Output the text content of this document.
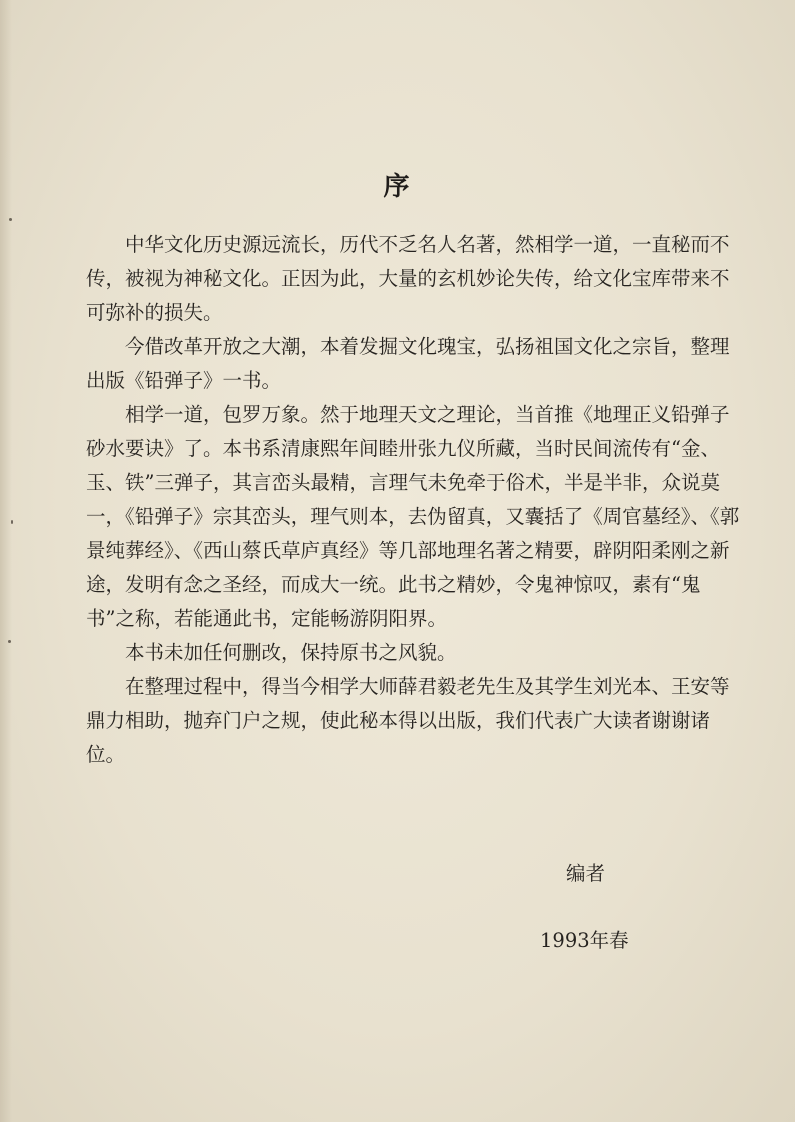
序

中华文化历史源远流长，历代不乏名人名著，然相学一道，一直秘而不传，被视为神秘文化。正因为此，大量的玄机妙论失传，给文化宝库带来不可弥补的损失。

今借改革开放之大潮，本着发掘文化瑰宝，弘扬祖国文化之宗旨，整理出版《铅弹子》一书。

相学一道，包罗万象。然于地理天文之理论，当首推《地理正义铅弹子砂水要诀》了。本书系清康熙年间睦卅张九仪所藏，当时民间流传有“金、玉、铁”三弹子，其言峦头最精，言理气未免牵于俗术，半是半非，众说莫一，《铅弹子》宗其峦头，理气则本，去伪留真，又囊括了《周官墓经》、《郭景纯葬经》、《西山蔡氏草庐真经》等几部地理名著之精要，辟阴阳柔刚之新途，发明有念之圣经，而成大一统。此书之精妙，令鬼神惊叹，素有“鬼书”之称，若能通此书，定能畅游阴阳界。

本书未加任何删改，保持原书之风貌。

在整理过程中，得当今相学大师薛君毅老先生及其学生刘光本、王安等鼎力相助，抛弃门户之规，使此秘本得以出版，我们代表广大读者谢谢诸位。

编者
1993年春
